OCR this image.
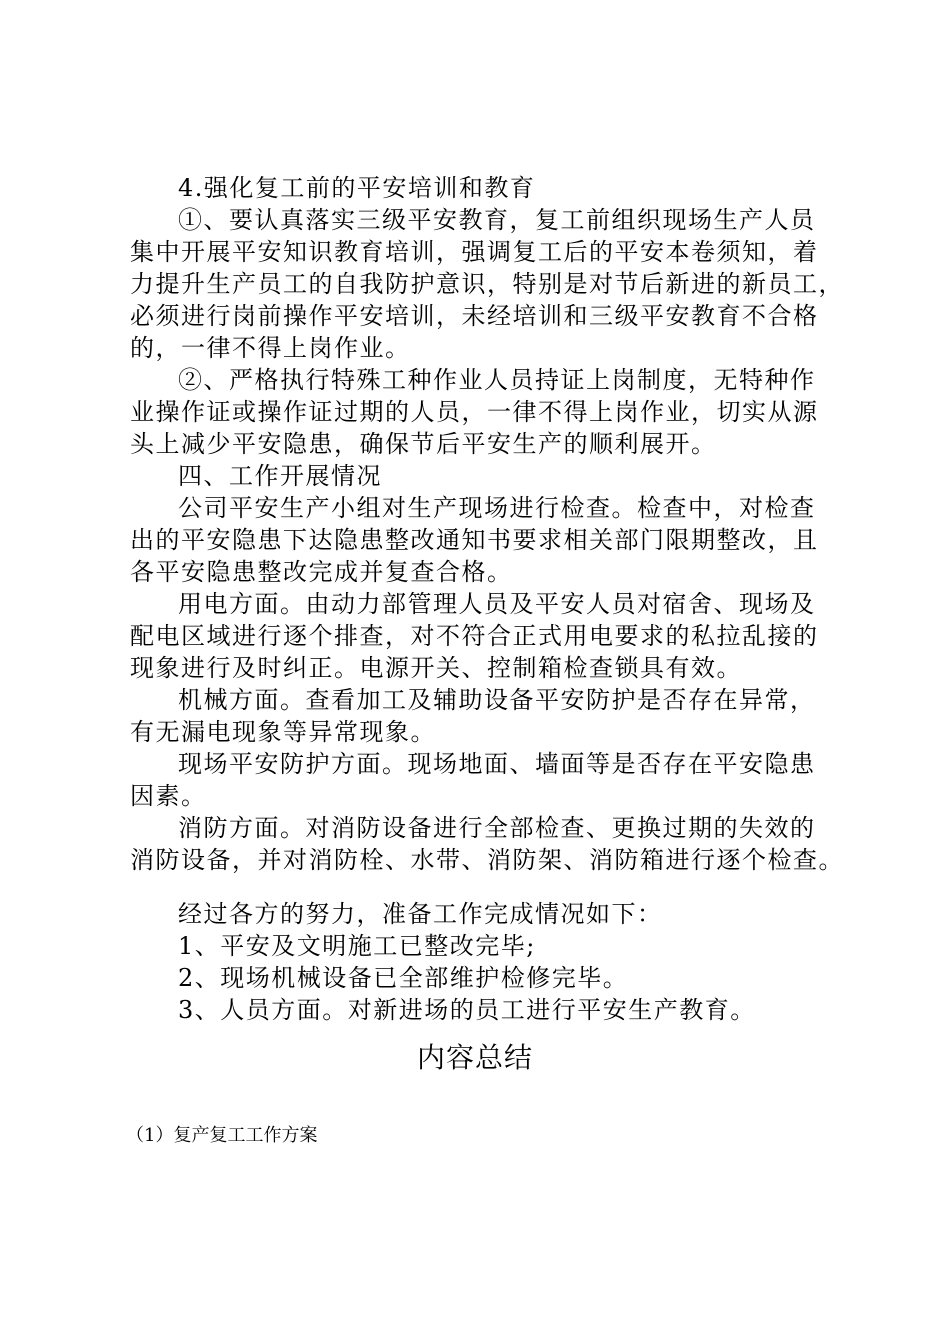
4.强化复工前的平安培训和教育

①、要认真落实三级平安教育，复工前组织现场生产人员

集中开展平安知识教育培训，强调复工后的平安本卷须知，着

力提升生产员工的自我防护意识，特别是对节后新进的新员工，

必须进行岗前操作平安培训，未经培训和三级平安教育不合格

的，一律不得上岗作业。

②、严格执行特殊工种作业人员持证上岗制度，无特种作

业操作证或操作证过期的人员，一律不得上岗作业，切实从源

头上减少平安隐患，确保节后平安生产的顺利展开。

四、工作开展情况

公司平安生产小组对生产现场进行检查。检查中，对检查

出的平安隐患下达隐患整改通知书要求相关部门限期整改，且

各平安隐患整改完成并复查合格。

用电方面。由动力部管理人员及平安人员对宿舍、现场及

配电区域进行逐个排查，对不符合正式用电要求的私拉乱接的

现象进行及时纠正。电源开关、控制箱检查锁具有效。

机械方面。查看加工及辅助设备平安防护是否存在异常，

有无漏电现象等异常现象。

现场平安防护方面。现场地面、墙面等是否存在平安隐患

因素。

消防方面。对消防设备进行全部检查、更换过期的失效的

消防设备，并对消防栓、水带、消防架、消防箱进行逐个检查。

经过各方的努力，准备工作完成情况如下：

1、平安及文明施工已整改完毕;

2、现场机械设备已全部维护检修完毕。

3、人员方面。对新进场的员工进行平安生产教育。

内容总结
（1）复产复工工作方案
